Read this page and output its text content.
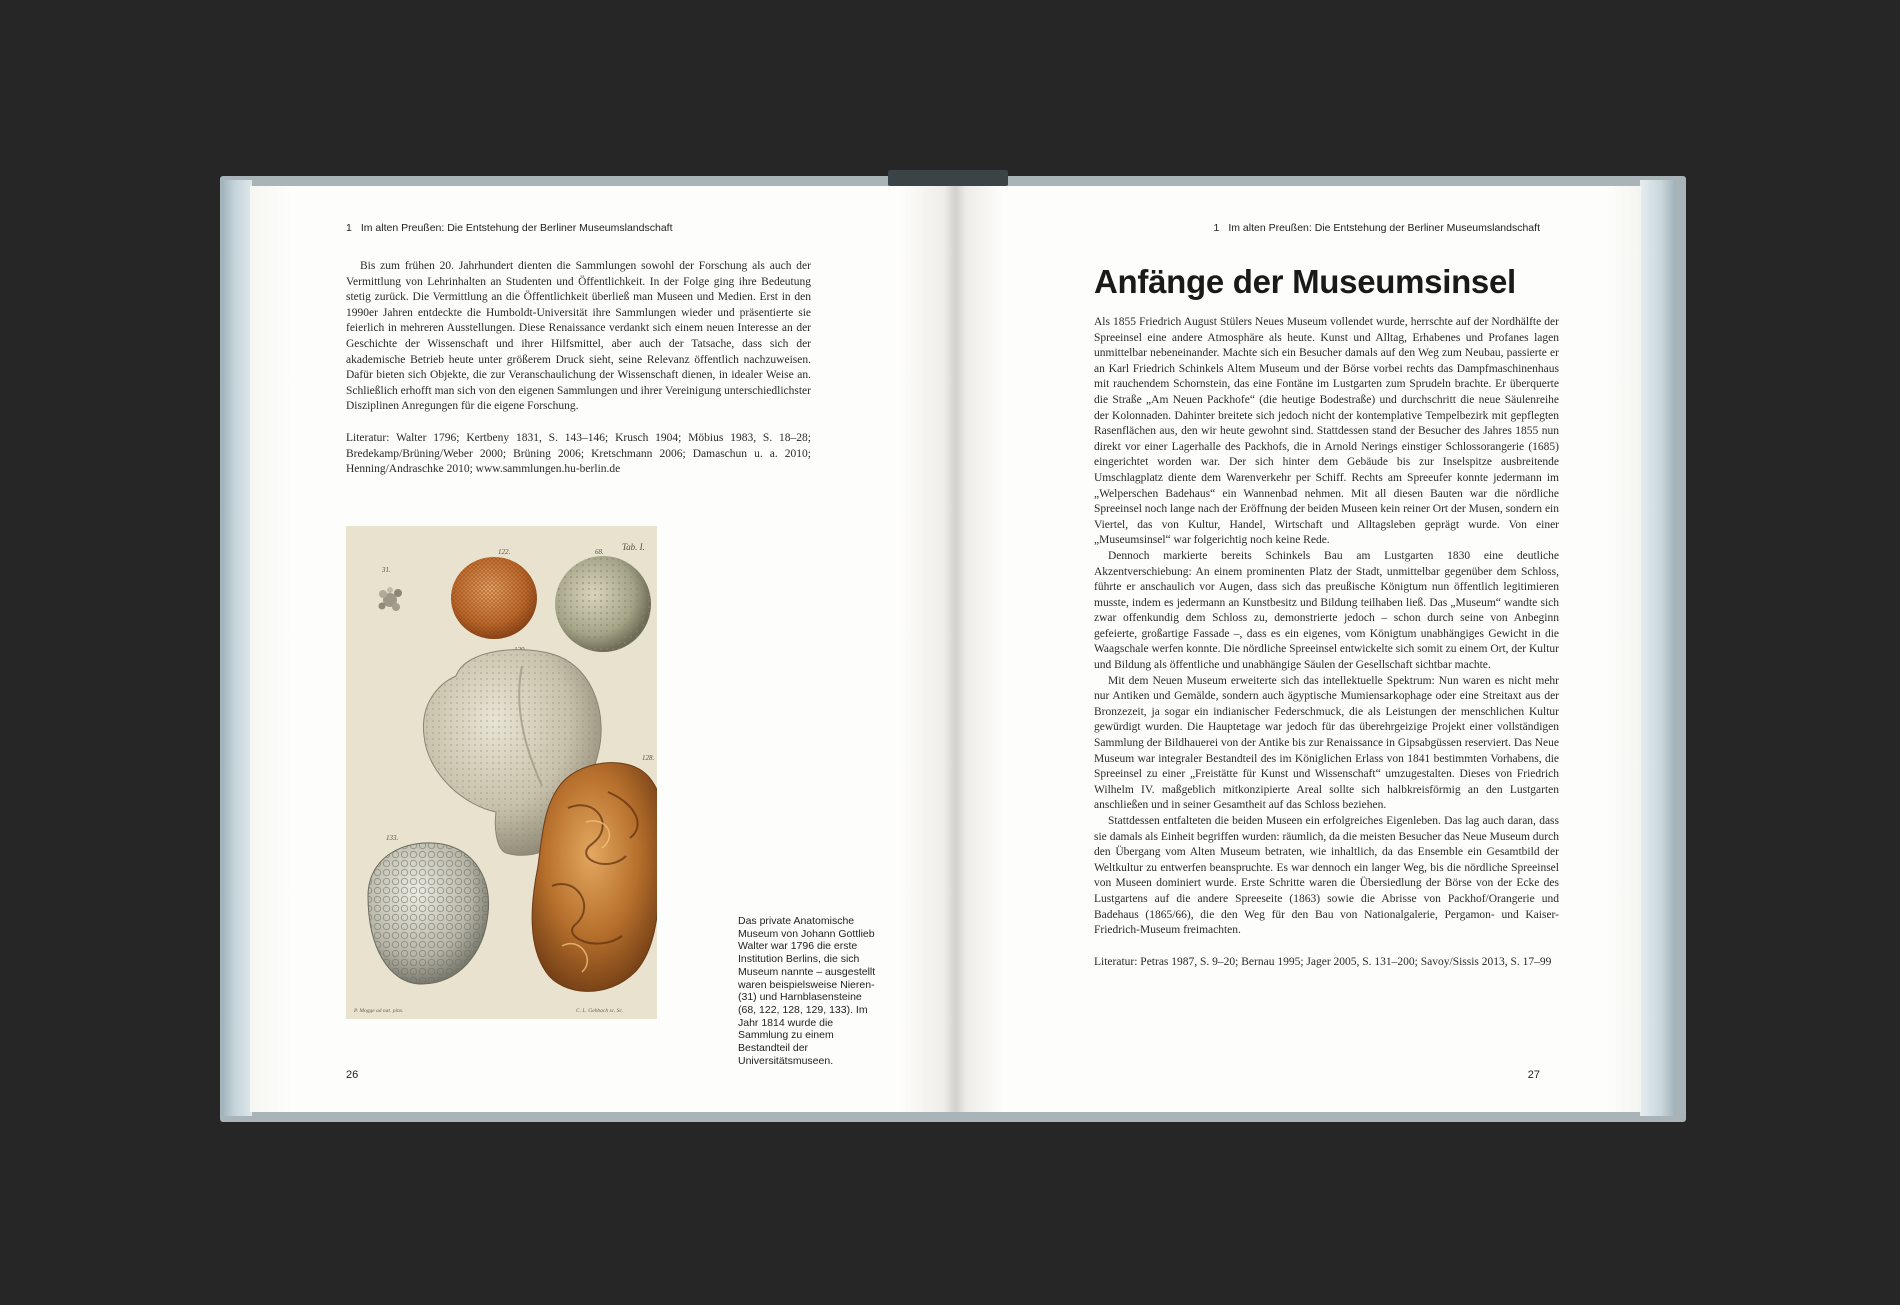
1 Im alten Preußen: Die Entstehung der Berliner Museumslandschaft

Bis zum frühen 20. Jahrhundert dienten die Sammlungen sowohl der Forschung als auch der Vermittlung von Lehrinhalten an Studenten und Öffentlichkeit. In der Folge ging ihre Bedeutung stetig zurück. Die Vermittlung an die Öffentlichkeit überließ man Museen und Medien. Erst in den 1990er Jahren entdeckte die Humboldt-Universität ihre Sammlungen wieder und präsentierte sie feierlich in mehreren Ausstellungen. Diese Renaissance verdankt sich einem neuen Interesse an der Geschichte der Wissenschaft und ihrer Hilfsmittel, aber auch der Tatsache, dass sich der akademische Betrieb heute unter größerem Druck sieht, seine Relevanz öffentlich nachzuweisen. Dafür bieten sich Objekte, die zur Veranschaulichung der Wissenschaft dienen, in idealer Weise an. Schließlich erhofft man sich von den eigenen Sammlungen und ihrer Vereinigung unterschiedlichster Disziplinen Anregungen für die eigene Forschung.

Literatur: Walter 1796; Kertbeny 1831, S. 143–146; Krusch 1904; Möbius 1983, S. 18–28; Bredekamp/Brüning/Weber 2000; Brüning 2006; Kretschmann 2006; Damaschun u. a. 2010; Henning/Andraschke 2010; www.sammlungen.hu-berlin.de

Tab. I.
31.
122.	68.
128.
133.
P. Mogge ad nat. pinx.	C. L. Gebbach sc. Sc.

Das private Anatomische Museum von Johann Gottlieb Walter war 1796 die erste Institution Berlins, die sich Museum nannte – ausgestellt waren beispielsweise Nieren- (31) und Harnblasensteine (68, 122, 128, 129, 133). Im Jahr 1814 wurde die Sammlung zu einem Bestandteil der Universitätsmuseen.

26
1 Im alten Preußen: Die Entstehung der Berliner Museumslandschaft
Anfänge der Museumsinsel

Als 1855 Friedrich August Stülers Neues Museum vollendet wurde, herrschte auf der Nordhälfte der Spreeinsel eine andere Atmosphäre als heute. Kunst und Alltag, Erhabenes und Profanes lagen unmittelbar nebeneinander. Machte sich ein Besucher damals auf den Weg zum Neubau, passierte er an Karl Friedrich Schinkels Altem Museum und der Börse vorbei rechts das Dampfmaschinenhaus mit rauchendem Schornstein, das eine Fontäne im Lustgarten zum Sprudeln brachte. Er überquerte die Straße „Am Neuen Packhofe“ (die heutige Bodestraße) und durchschritt die neue Säulenreihe der Kolonnaden. Dahinter breitete sich jedoch nicht der kontemplative Tempelbezirk mit gepflegten Rasenflächen aus, den wir heute gewohnt sind. Stattdessen stand der Besucher des Jahres 1855 nun direkt vor einer Lagerhalle des Packhofs, die in Arnold Nerings einstiger Schlossorangerie (1685) eingerichtet worden war. Der sich hinter dem Gebäude bis zur Inselspitze ausbreitende Umschlagplatz diente dem Warenverkehr per Schiff. Rechts am Spreeufer konnte jedermann im „Welperschen Badehaus“ ein Wannenbad nehmen. Mit all diesen Bauten war die nördliche Spreeinsel noch lange nach der Eröffnung der beiden Museen kein reiner Ort der Musen, sondern ein Viertel, das von Kultur, Handel, Wirtschaft und Alltagsleben geprägt wurde. Von einer „Museumsinsel“ war folgerichtig noch keine Rede.

Dennoch markierte bereits Schinkels Bau am Lustgarten 1830 eine deutliche Akzentverschiebung: An einem prominenten Platz der Stadt, unmittelbar gegenüber dem Schloss, führte er anschaulich vor Augen, dass sich das preußische Königtum nun öffentlich legitimieren musste, indem es jedermann an Kunstbesitz und Bildung teilhaben ließ. Das „Museum“ wandte sich zwar offenkundig dem Schloss zu, demonstrierte jedoch – schon durch seine von Anbeginn gefeierte, großartige Fassade –, dass es ein eigenes, vom Königtum unabhängiges Gewicht in die Waagschale werfen konnte. Die nördliche Spreeinsel entwickelte sich somit zu einem Ort, der Kultur und Bildung als öffentliche und unabhängige Säulen der Gesellschaft sichtbar machte.

Mit dem Neuen Museum erweiterte sich das intellektuelle Spektrum: Nun waren es nicht mehr nur Antiken und Gemälde, sondern auch ägyptische Mumiensarkophage oder eine Streitaxt aus der Bronzezeit, ja sogar ein indianischer Federschmuck, die als Leistungen der menschlichen Kultur gewürdigt wurden. Die Hauptetage war jedoch für das überehrgeizige Projekt einer vollständigen Sammlung der Bildhauerei von der Antike bis zur Renaissance in Gipsabgüssen reserviert. Das Neue Museum war integraler Bestandteil des im Königlichen Erlass von 1841 bestimmten Vorhabens, die Spreeinsel zu einer „Freistätte für Kunst und Wissenschaft“ umzugestalten. Dieses von Friedrich Wilhelm IV. maßgeblich mitkonzipierte Areal sollte sich halbkreisförmig an den Lustgarten anschließen und in seiner Gesamtheit auf das Schloss beziehen.

Stattdessen entfalteten die beiden Museen ein erfolgreiches Eigenleben. Das lag auch daran, dass sie damals als Einheit begriffen wurden: räumlich, da die meisten Besucher das Neue Museum durch den Übergang vom Alten Museum betraten, wie inhaltlich, da das Ensemble ein Gesamtbild der Weltkultur zu entwerfen beanspruchte. Es war dennoch ein langer Weg, bis die nördliche Spreeinsel von Museen dominiert wurde. Erste Schritte waren die Übersiedlung der Börse von der Ecke des Lustgartens auf die andere Spreeseite (1863) sowie die Abrisse von Packhof/Orangerie und Badehaus (1865/66), die den Weg für den Bau von Nationalgalerie, Pergamon- und Kaiser-Friedrich-Museum freimachten.

Literatur: Petras 1987, S. 9–20; Bernau 1995; Jager 2005, S. 131–200; Savoy/Sissis 2013, S. 17–99

27
